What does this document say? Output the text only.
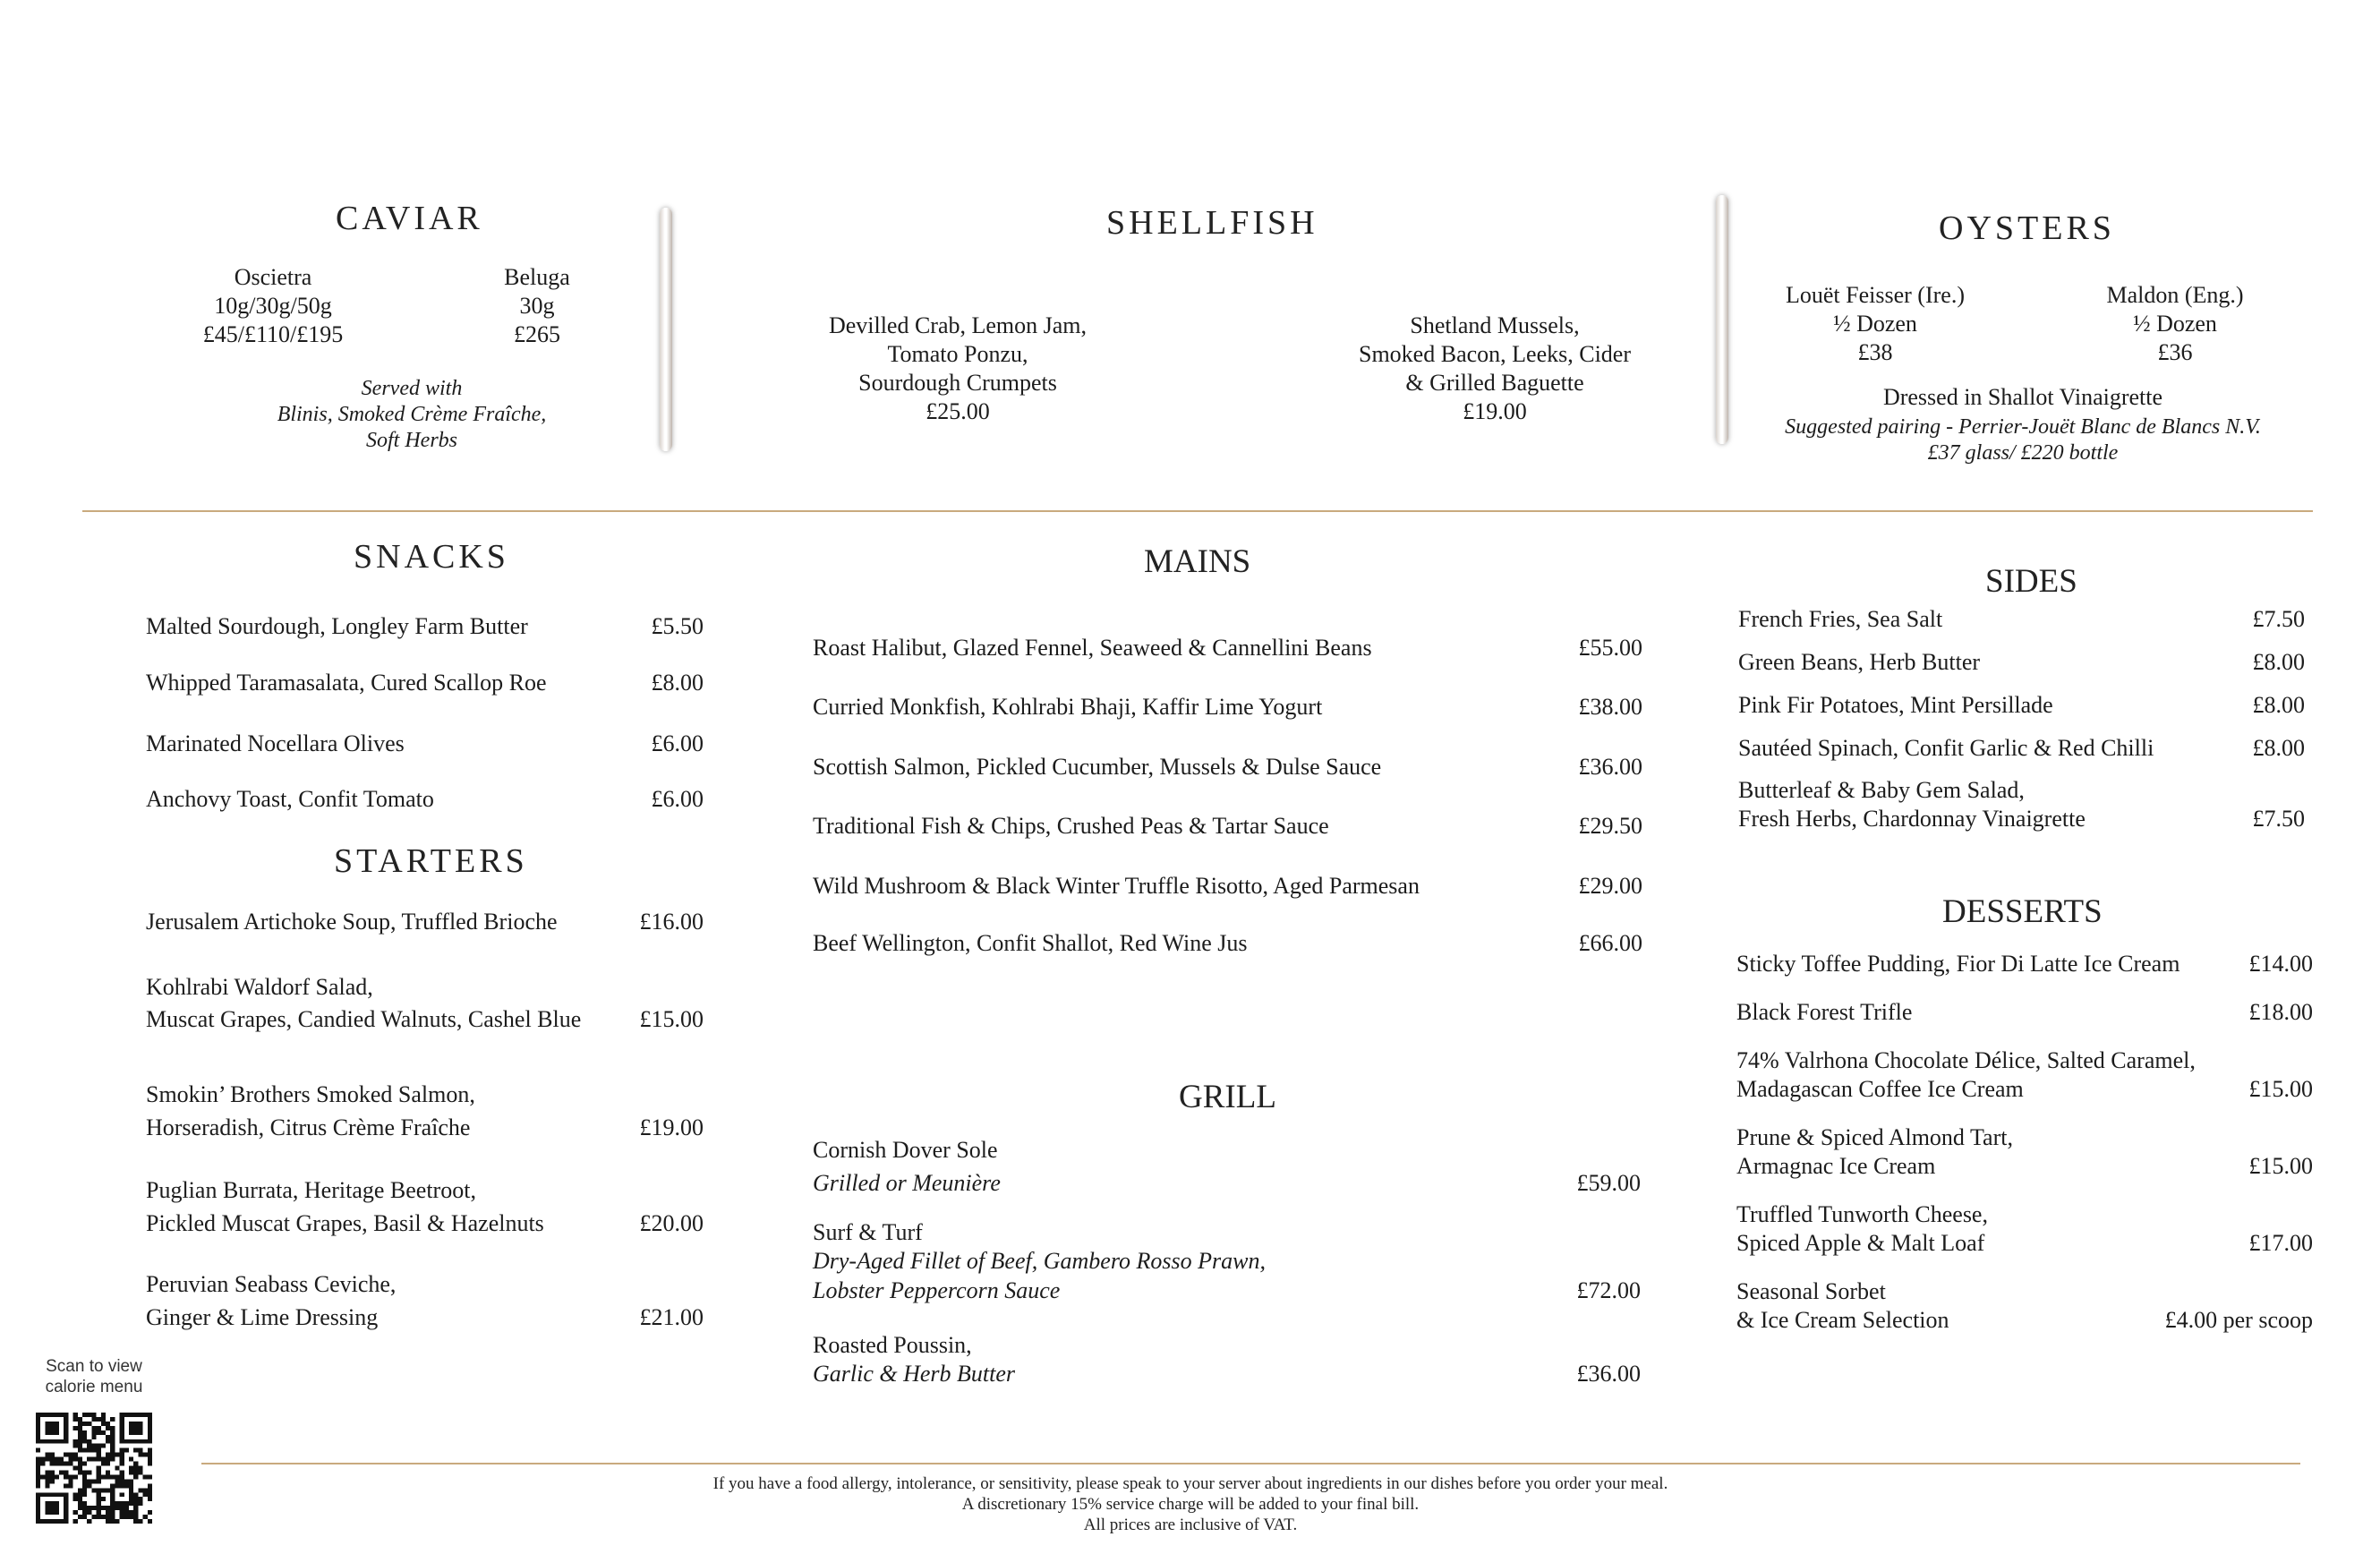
CAVIAR
Oscietra
10g/30g/50g
£45/£110/£195
Beluga
30g
£265
Served with
Blinis, Smoked Crème Fraîche,
Soft Herbs
SHELLFISH
Devilled Crab, Lemon Jam,
Tomato Ponzu,
Sourdough Crumpets
£25.00
Shetland Mussels,
Smoked Bacon, Leeks, Cider
& Grilled Baguette
£19.00
OYSTERS
Louët Feisser (Ire.)
½ Dozen
£38
Maldon (Eng.)
½ Dozen
£36
Dressed in Shallot Vinaigrette
Suggested pairing - Perrier-Jouët Blanc de Blancs N.V.
£37 glass/ £220 bottle
SNACKS
Malted Sourdough, Longley Farm Butter	£5.50
Whipped Taramasalata, Cured Scallop Roe	£8.00
Marinated Nocellara Olives	£6.00
Anchovy Toast, Confit Tomato	£6.00
STARTERS
Jerusalem Artichoke Soup, Truffled Brioche	£16.00
Kohlrabi Waldorf Salad,
Muscat Grapes, Candied Walnuts, Cashel Blue	£15.00
Smokin’ Brothers Smoked Salmon,
Horseradish, Citrus Crème Fraîche	£19.00
Puglian Burrata, Heritage Beetroot,
Pickled Muscat Grapes, Basil & Hazelnuts	£20.00
Peruvian Seabass Ceviche,
Ginger & Lime Dressing	£21.00
MAINS
Roast Halibut, Glazed Fennel, Seaweed & Cannellini Beans	£55.00
Curried Monkfish, Kohlrabi Bhaji, Kaffir Lime Yogurt	£38.00
Scottish Salmon, Pickled Cucumber, Mussels & Dulse Sauce	£36.00
Traditional Fish & Chips, Crushed Peas & Tartar Sauce	£29.50
Wild Mushroom & Black Winter Truffle Risotto, Aged Parmesan	£29.00
Beef Wellington, Confit Shallot, Red Wine Jus	£66.00
GRILL
Cornish Dover Sole
Grilled or Meunière	£59.00
Surf & Turf
Dry-Aged Fillet of Beef, Gambero Rosso Prawn,
Lobster Peppercorn Sauce	£72.00
Roasted Poussin,
Garlic & Herb Butter	£36.00
SIDES
French Fries, Sea Salt	£7.50
Green Beans, Herb Butter	£8.00
Pink Fir Potatoes, Mint Persillade	£8.00
Sautéed Spinach, Confit Garlic & Red Chilli	£8.00
Butterleaf & Baby Gem Salad,
Fresh Herbs, Chardonnay Vinaigrette	£7.50
DESSERTS
Sticky Toffee Pudding, Fior Di Latte Ice Cream	£14.00
Black Forest Trifle	£18.00
74% Valrhona Chocolate Délice, Salted Caramel,
Madagascan Coffee Ice Cream	£15.00
Prune & Spiced Almond Tart,
Armagnac Ice Cream	£15.00
Truffled Tunworth Cheese,
Spiced Apple & Malt Loaf	£17.00
Seasonal Sorbet
& Ice Cream Selection	£4.00 per scoop
Scan to view
calorie menu
If you have a food allergy, intolerance, or sensitivity, please speak to your server about ingredients in our dishes before you order your meal.
A discretionary 15% service charge will be added to your final bill.
All prices are inclusive of VAT.
